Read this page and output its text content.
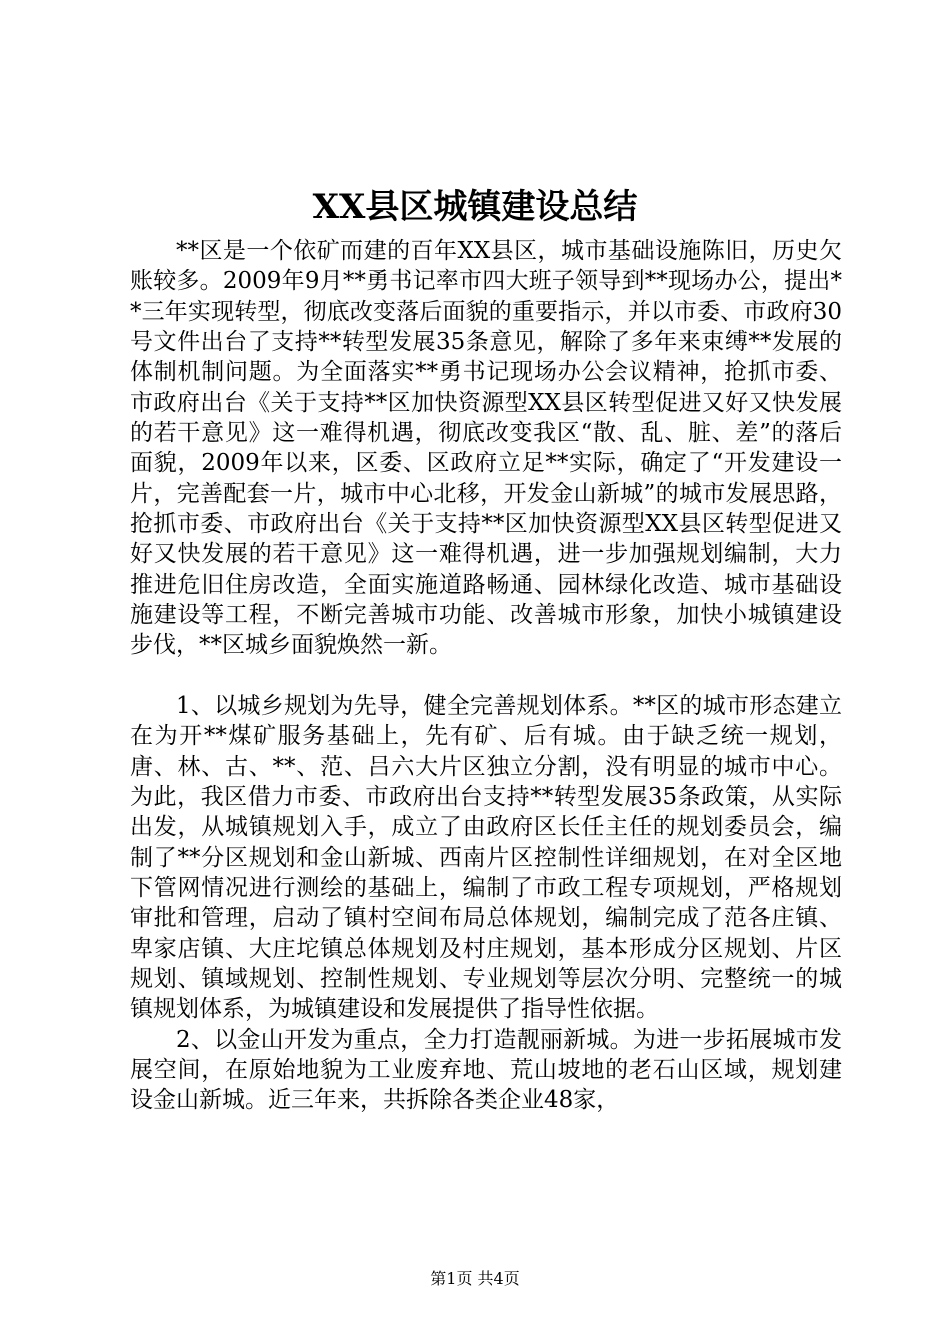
XX县区城镇建设总结

**区是一个依矿而建的百年XX县区，城市基础设施陈旧，历史欠账较多。2009年9月**勇书记率市四大班子领导到**现场办公，提出**三年实现转型，彻底改变落后面貌的重要指示，并以市委、市政府30号文件出台了支持**转型发展35条意见，解除了多年来束缚**发展的体制机制问题。为全面落实**勇书记现场办公会议精神，抢抓市委、市政府出台《关于支持**区加快资源型XX县区转型促进又好又快发展的若干意见》这一难得机遇，彻底改变我区“散、乱、脏、差”的落后面貌，2009年以来，区委、区政府立足**实际，确定了“开发建设一片，完善配套一片，城市中心北移，开发金山新城”的城市发展思路，抢抓市委、市政府出台《关于支持**区加快资源型XX县区转型促进又好又快发展的若干意见》这一难得机遇，进一步加强规划编制，大力推进危旧住房改造，全面实施道路畅通、园林绿化改造、城市基础设施建设等工程，不断完善城市功能、改善城市形象，加快小城镇建设步伐，**区城乡面貌焕然一新。

1、以城乡规划为先导，健全完善规划体系。**区的城市形态建立在为开**煤矿服务基础上，先有矿、后有城。由于缺乏统一规划，唐、林、古、**、范、吕六大片区独立分割，没有明显的城市中心。为此，我区借力市委、市政府出台支持**转型发展35条政策，从实际出发，从城镇规划入手，成立了由政府区长任主任的规划委员会，编制了**分区规划和金山新城、西南片区控制性详细规划，在对全区地下管网情况进行测绘的基础上，编制了市政工程专项规划，严格规划审批和管理，启动了镇村空间布局总体规划，编制完成了范各庄镇、卑家店镇、大庄坨镇总体规划及村庄规划，基本形成分区规划、片区规划、镇域规划、控制性规划、专业规划等层次分明、完整统一的城镇规划体系，为城镇建设和发展提供了指导性依据。

2、以金山开发为重点，全力打造靓丽新城。为进一步拓展城市发展空间，在原始地貌为工业废弃地、荒山坡地的老石山区域，规划建设金山新城。近三年来，共拆除各类企业48家，

第1页 共4页
